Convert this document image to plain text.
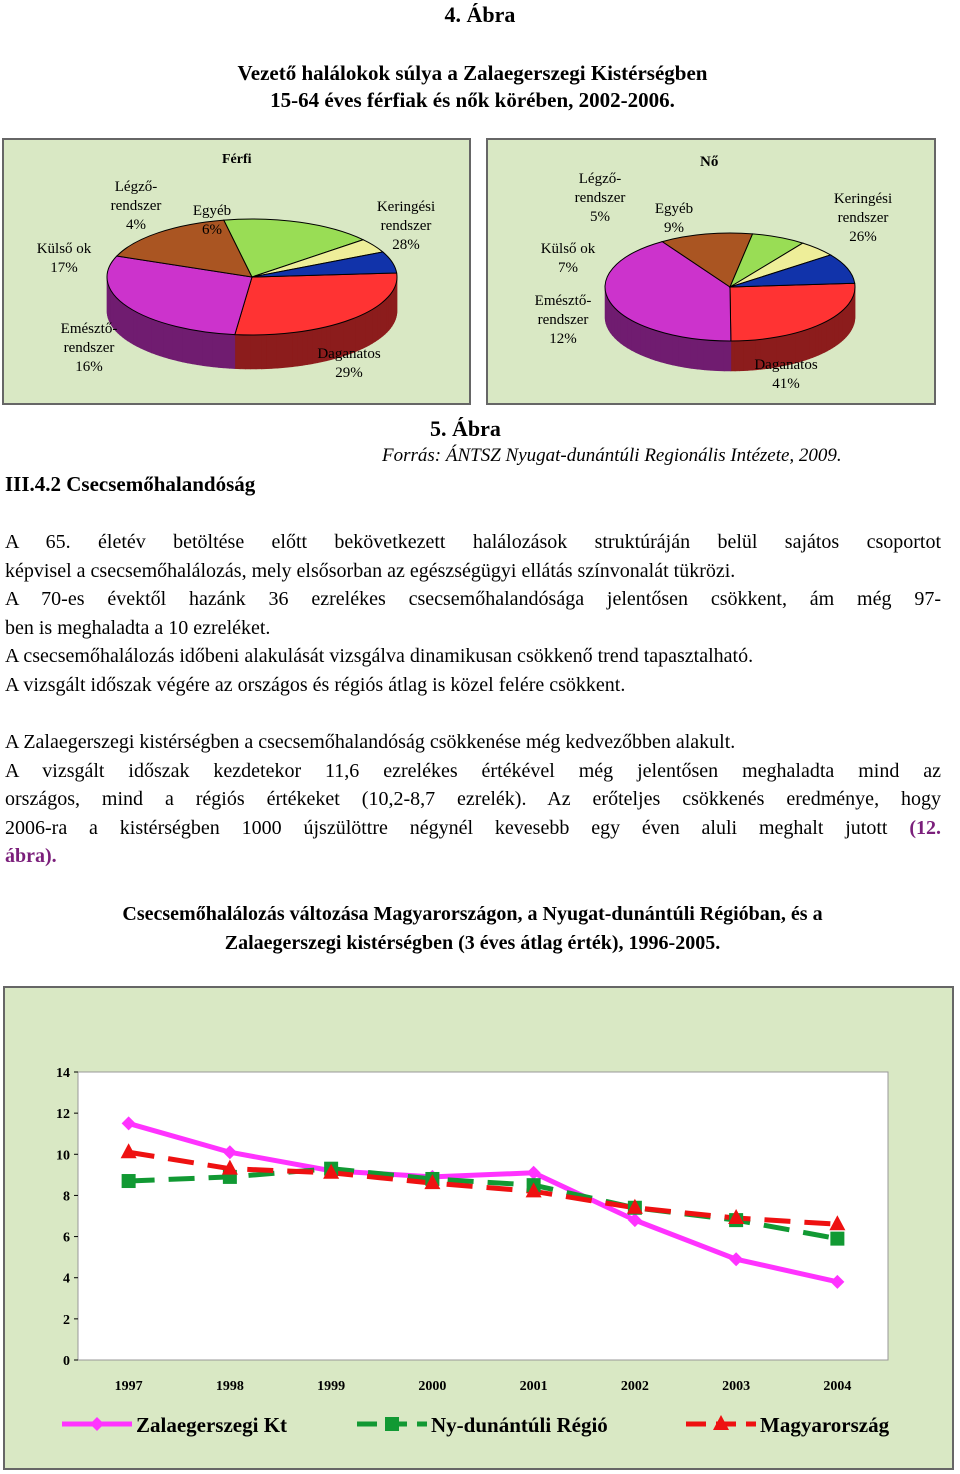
4. Ábra
Vezető halálokok súlya a Zalaegerszegi Kistérségben
15-64 éves férfiak és nők körében, 2002-2006.
Férfi
Keringési
rendszer
28%
Daganatos
29%
Emésztő-
rendszer
16%
Külső ok
17%
Légző-
rendszer
4%
Egyéb
6%
Nő
Keringési
rendszer
26%
Daganatos
41%
Emésztő-
rendszer
12%
Külső ok
7%
Légző-
rendszer
5%	Egyéb
9%
5. Ábra
Forrás: ÁNTSZ Nyugat-dunántúli Regionális Intézete, 2009.
III.4.2 Csecsemőhalandóság
A 65. életév betöltése előtt bekövetkezett halálozások struktúráján belül sajátos csoportot
képvisel a csecsemőhalálozás, mely elsősorban az egészségügyi ellátás színvonalát tükrözi.
A 70-es évektől hazánk 36 ezrelékes csecsemőhalandósága jelentősen csökkent, ám még 97-
ben is meghaladta a 10 ezreléket.
A csecsemőhalálozás időbeni alakulását vizsgálva dinamikusan csökkenő trend tapasztalható.
A vizsgált időszak végére az országos és régiós átlag is közel felére csökkent.
A Zalaegerszegi kistérségben a csecsemőhalandóság csökkenése még kedvezőbben alakult.
A vizsgált időszak kezdetekor 11,6 ezrelékes értékével még jelentősen meghaladta mind az
országos, mind a régiós értékeket (10,2-8,7 ezrelék). Az erőteljes csökkenés eredménye, hogy
2006-ra a kistérségben 1000 újszülöttre négynél kevesebb egy éven aluli meghalt jutott (12.
ábra).
Csecsemőhalálozás változása Magyarországon, a Nyugat-dunántúli Régióban, és a
Zalaegerszegi kistérségben (3 éves átlag érték), 1996-2005.
0
2
4
6
8
10
12
14
1997	1998	1999	2000	2001	2002	2003	2004
Zalaegerszegi Kt	Ny-dunántúli Régió	Magyarország
